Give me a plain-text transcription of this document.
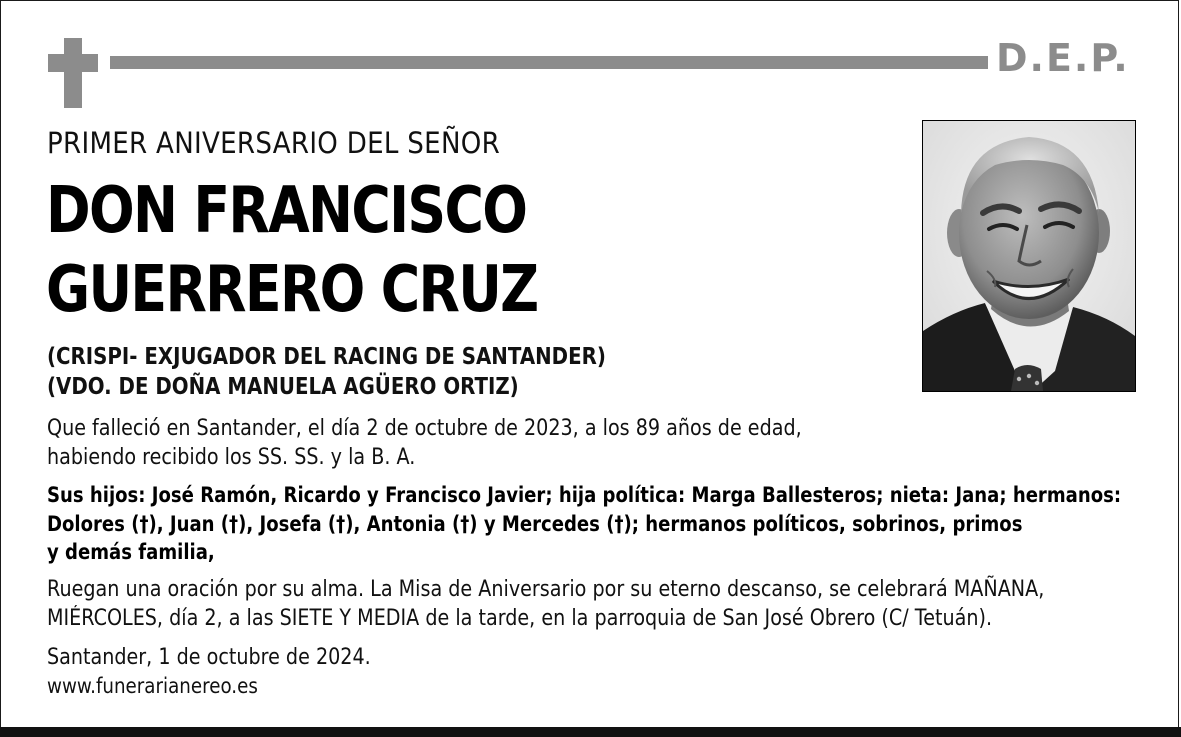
D.E.P.
PRIMER ANIVERSARIO DEL SEÑOR
DON FRANCISCO
GUERRERO CRUZ
(CRISPI- EXJUGADOR DEL RACING DE SANTANDER)
(VDO. DE DOÑA MANUELA AGÜERO ORTIZ)
Que falleció en Santander, el día 2 de octubre de 2023, a los 89 años de edad,
habiendo recibido los SS. SS. y la B. A.
Sus hijos: José Ramón, Ricardo y Francisco Javier; hija política: Marga Ballesteros; nieta: Jana; hermanos:
Dolores (†), Juan (†), Josefa (†), Antonia (†) y Mercedes (†); hermanos políticos, sobrinos, primos
y demás familia,
Ruegan una oración por su alma. La Misa de Aniversario por su eterno descanso, se celebrará MAÑANA,
MIÉRCOLES, día 2, a las SIETE Y MEDIA de la tarde, en la parroquia de San José Obrero (C/ Tetuán).
Santander, 1 de octubre de 2024.
www.funerarianereo.es
